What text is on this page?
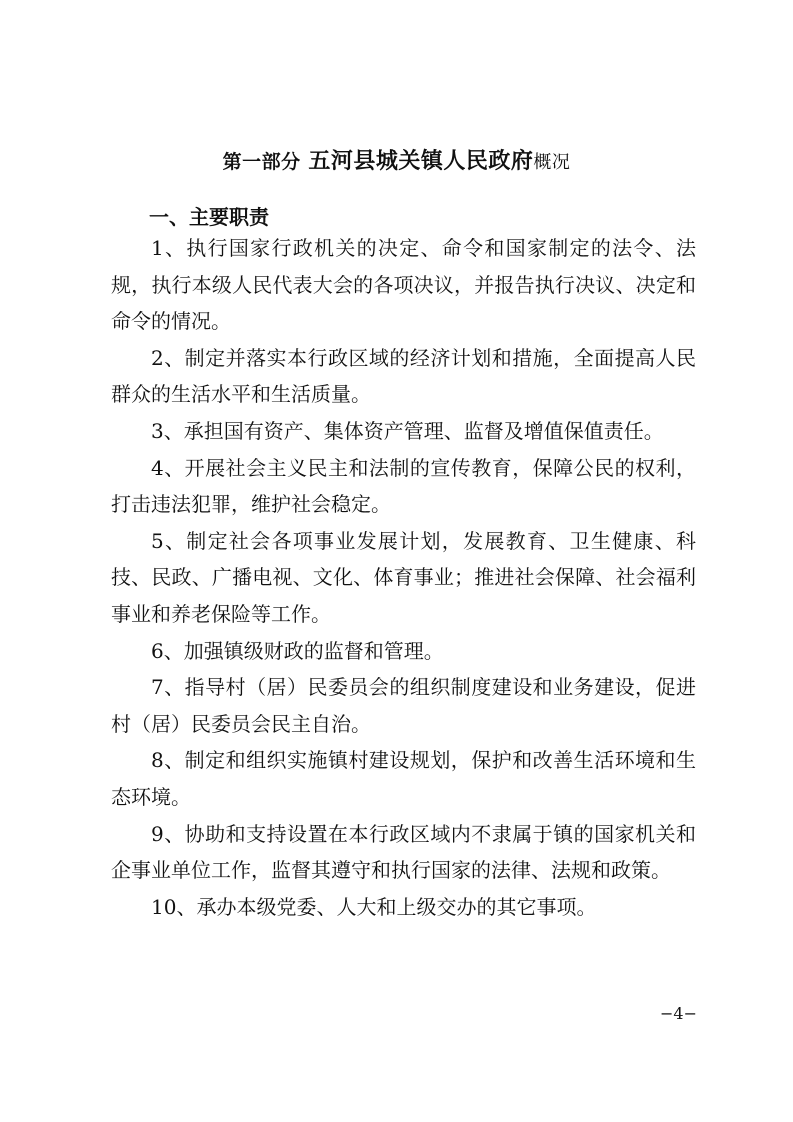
第一部分 五河县城关镇人民政府概况
一、主要职责

1、执行国家行政机关的决定、命令和国家制定的法令、法规，执行本级人民代表大会的各项决议，并报告执行决议、决定和命令的情况。

2、制定并落实本行政区域的经济计划和措施，全面提高人民群众的生活水平和生活质量。

3、承担国有资产、集体资产管理、监督及增值保值责任。

4、开展社会主义民主和法制的宣传教育，保障公民的权利，打击违法犯罪，维护社会稳定。

5、制定社会各项事业发展计划，发展教育、卫生健康、科技、民政、广播电视、文化、体育事业；推进社会保障、社会福利事业和养老保险等工作。

6、加强镇级财政的监督和管理。

7、指导村（居）民委员会的组织制度建设和业务建设，促进村（居）民委员会民主自治。

8、制定和组织实施镇村建设规划，保护和改善生活环境和生态环境。

9、协助和支持设置在本行政区域内不隶属于镇的国家机关和企事业单位工作，监督其遵守和执行国家的法律、法规和政策。

10、承办本级党委、人大和上级交办的其它事项。

−4−
